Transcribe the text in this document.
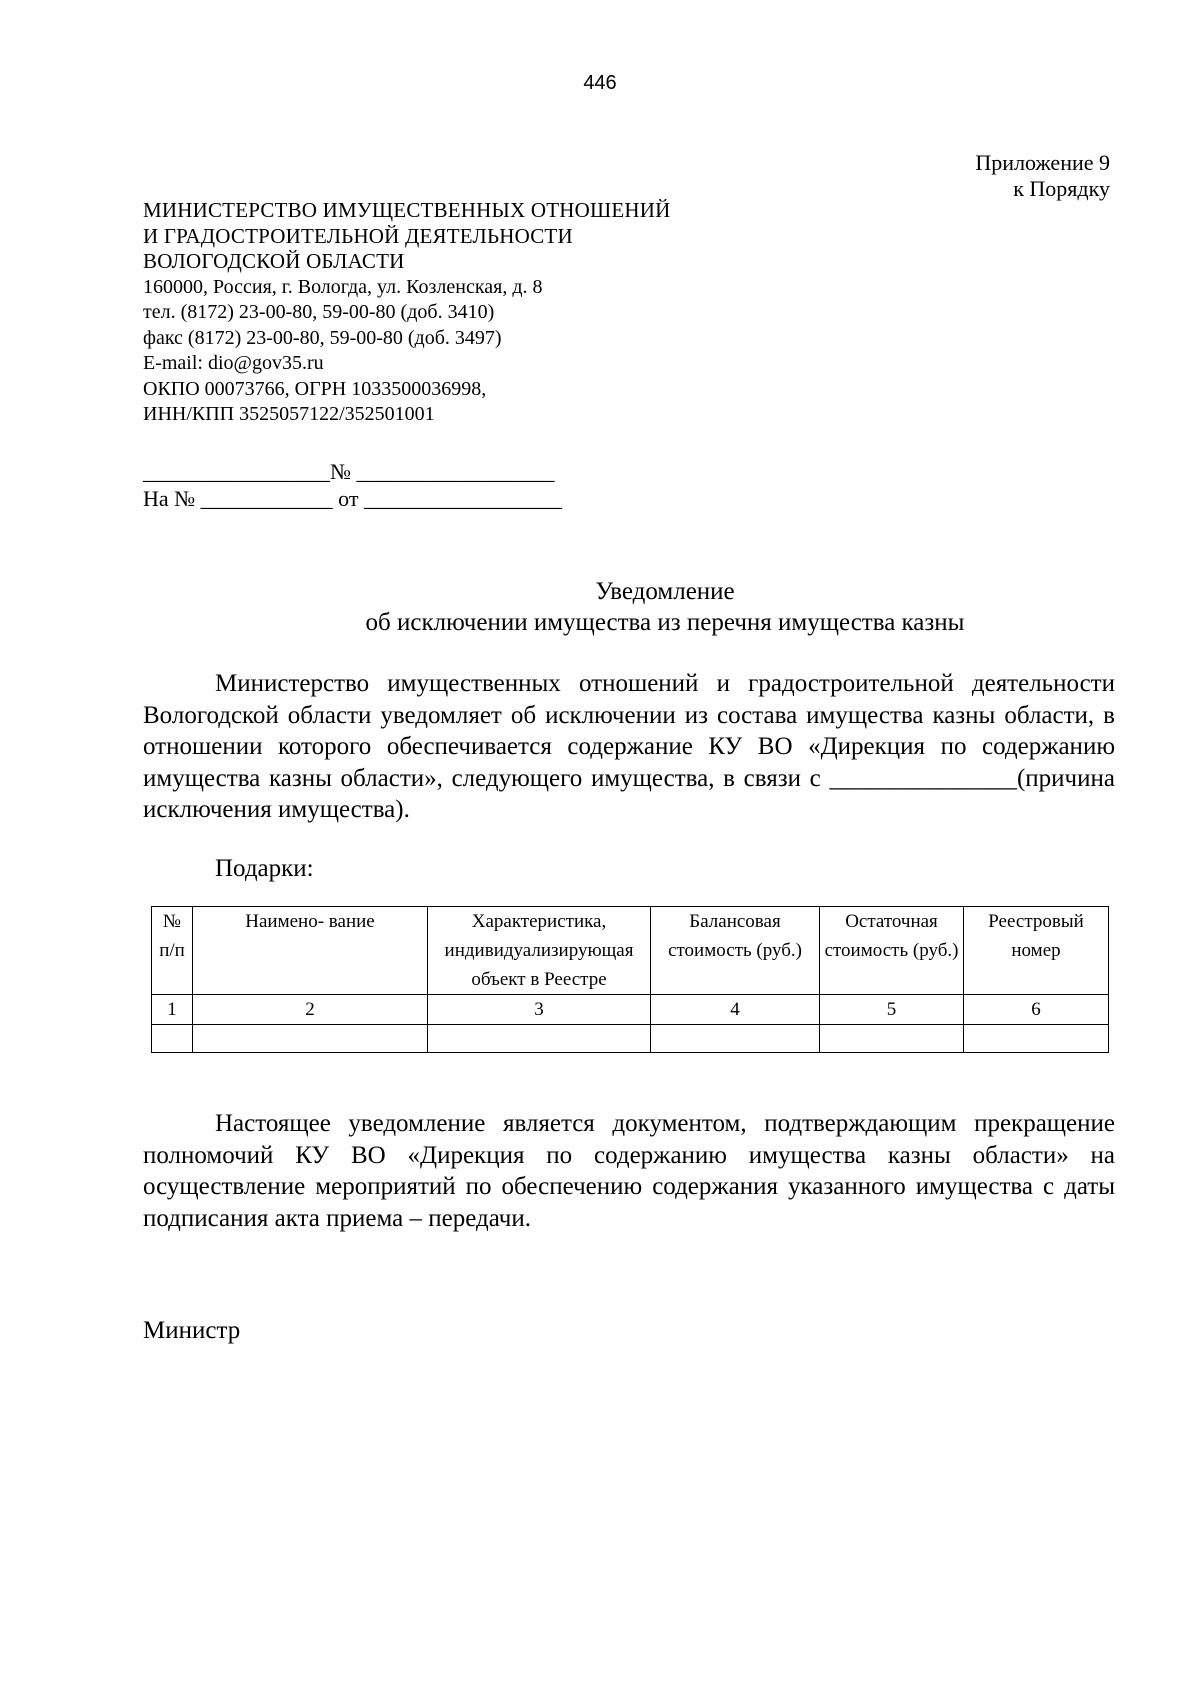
446
Приложение 9
к Порядку
МИНИСТЕРСТВО ИМУЩЕСТВЕННЫХ ОТНОШЕНИЙ
И ГРАДОСТРОИТЕЛЬНОЙ ДЕЯТЕЛЬНОСТИ
ВОЛОГОДСКОЙ ОБЛАСТИ
160000, Россия, г. Вологда, ул. Козленская, д. 8
тел. (8172) 23-00-80, 59-00-80 (доб. 3410)
факс (8172) 23-00-80, 59-00-80 (доб. 3497)
E-mail: dio@gov35.ru
ОКПО 00073766, ОГРН 1033500036998,
ИНН/КПП 3525057122/352501001
_________________№ __________________
На № ____________ от __________________
Уведомление
об исключении имущества из перечня имущества казны
Министерство имущественных отношений и градостроительной деятельности Вологодской области уведомляет об исключении из состава имущества казны области, в отношении которого обеспечивается содержание КУ ВО «Дирекция по содержанию имущества казны области», следующего имущества, в связи с _______________(причина исключения имущества).
Подарки:
№ п/п	Наимено- вание	Характеристика, индивидуализирующая объект в Реестре	Балансовая стоимость (руб.)	Остаточная стоимость (руб.)	Реестровый номер
1	2	3	4	5	6

Настоящее уведомление является документом, подтверждающим прекращение полномочий КУ ВО «Дирекция по содержанию имущества казны области» на осуществление мероприятий по обеспечению содержания указанного имущества с даты подписания акта приема – передачи.
Министр
